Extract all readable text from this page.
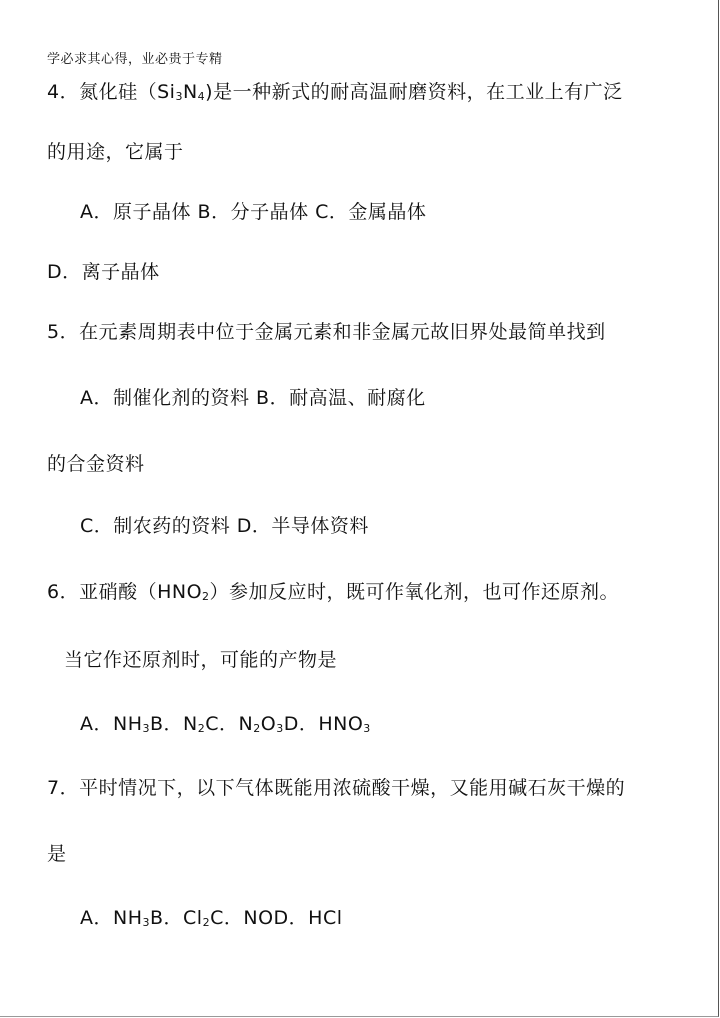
学必求其心得，业必贵于专精
4．氮化硅$(Si_3N_4)$是一种新式的耐高温耐磨资料，在工业上有广泛
的用途，它属于
A．原子晶体 B．分子晶体 C．金属晶体
D．离子晶体
5．在元素周期表中位于金属元素和非金属元故旧界处最简单找到
A．制催化剂的资料 B．耐高温、耐腐化
的合金资料
C．制农药的资料 D．半导体资料
6．亚硝酸$(HNO_2)$参加反应时，既可作氧化剂，也可作还原剂。
当它作还原剂时，可能的产物是
A．$NH_3B$．$N_2C$．$N_2O_3D$．$HNO_3$
7．平时情况下，以下气体既能用浓硫酸干燥，又能用碱石灰干燥的
是
A．$NH_3B$．$Cl_2C$．NOD．HCl
